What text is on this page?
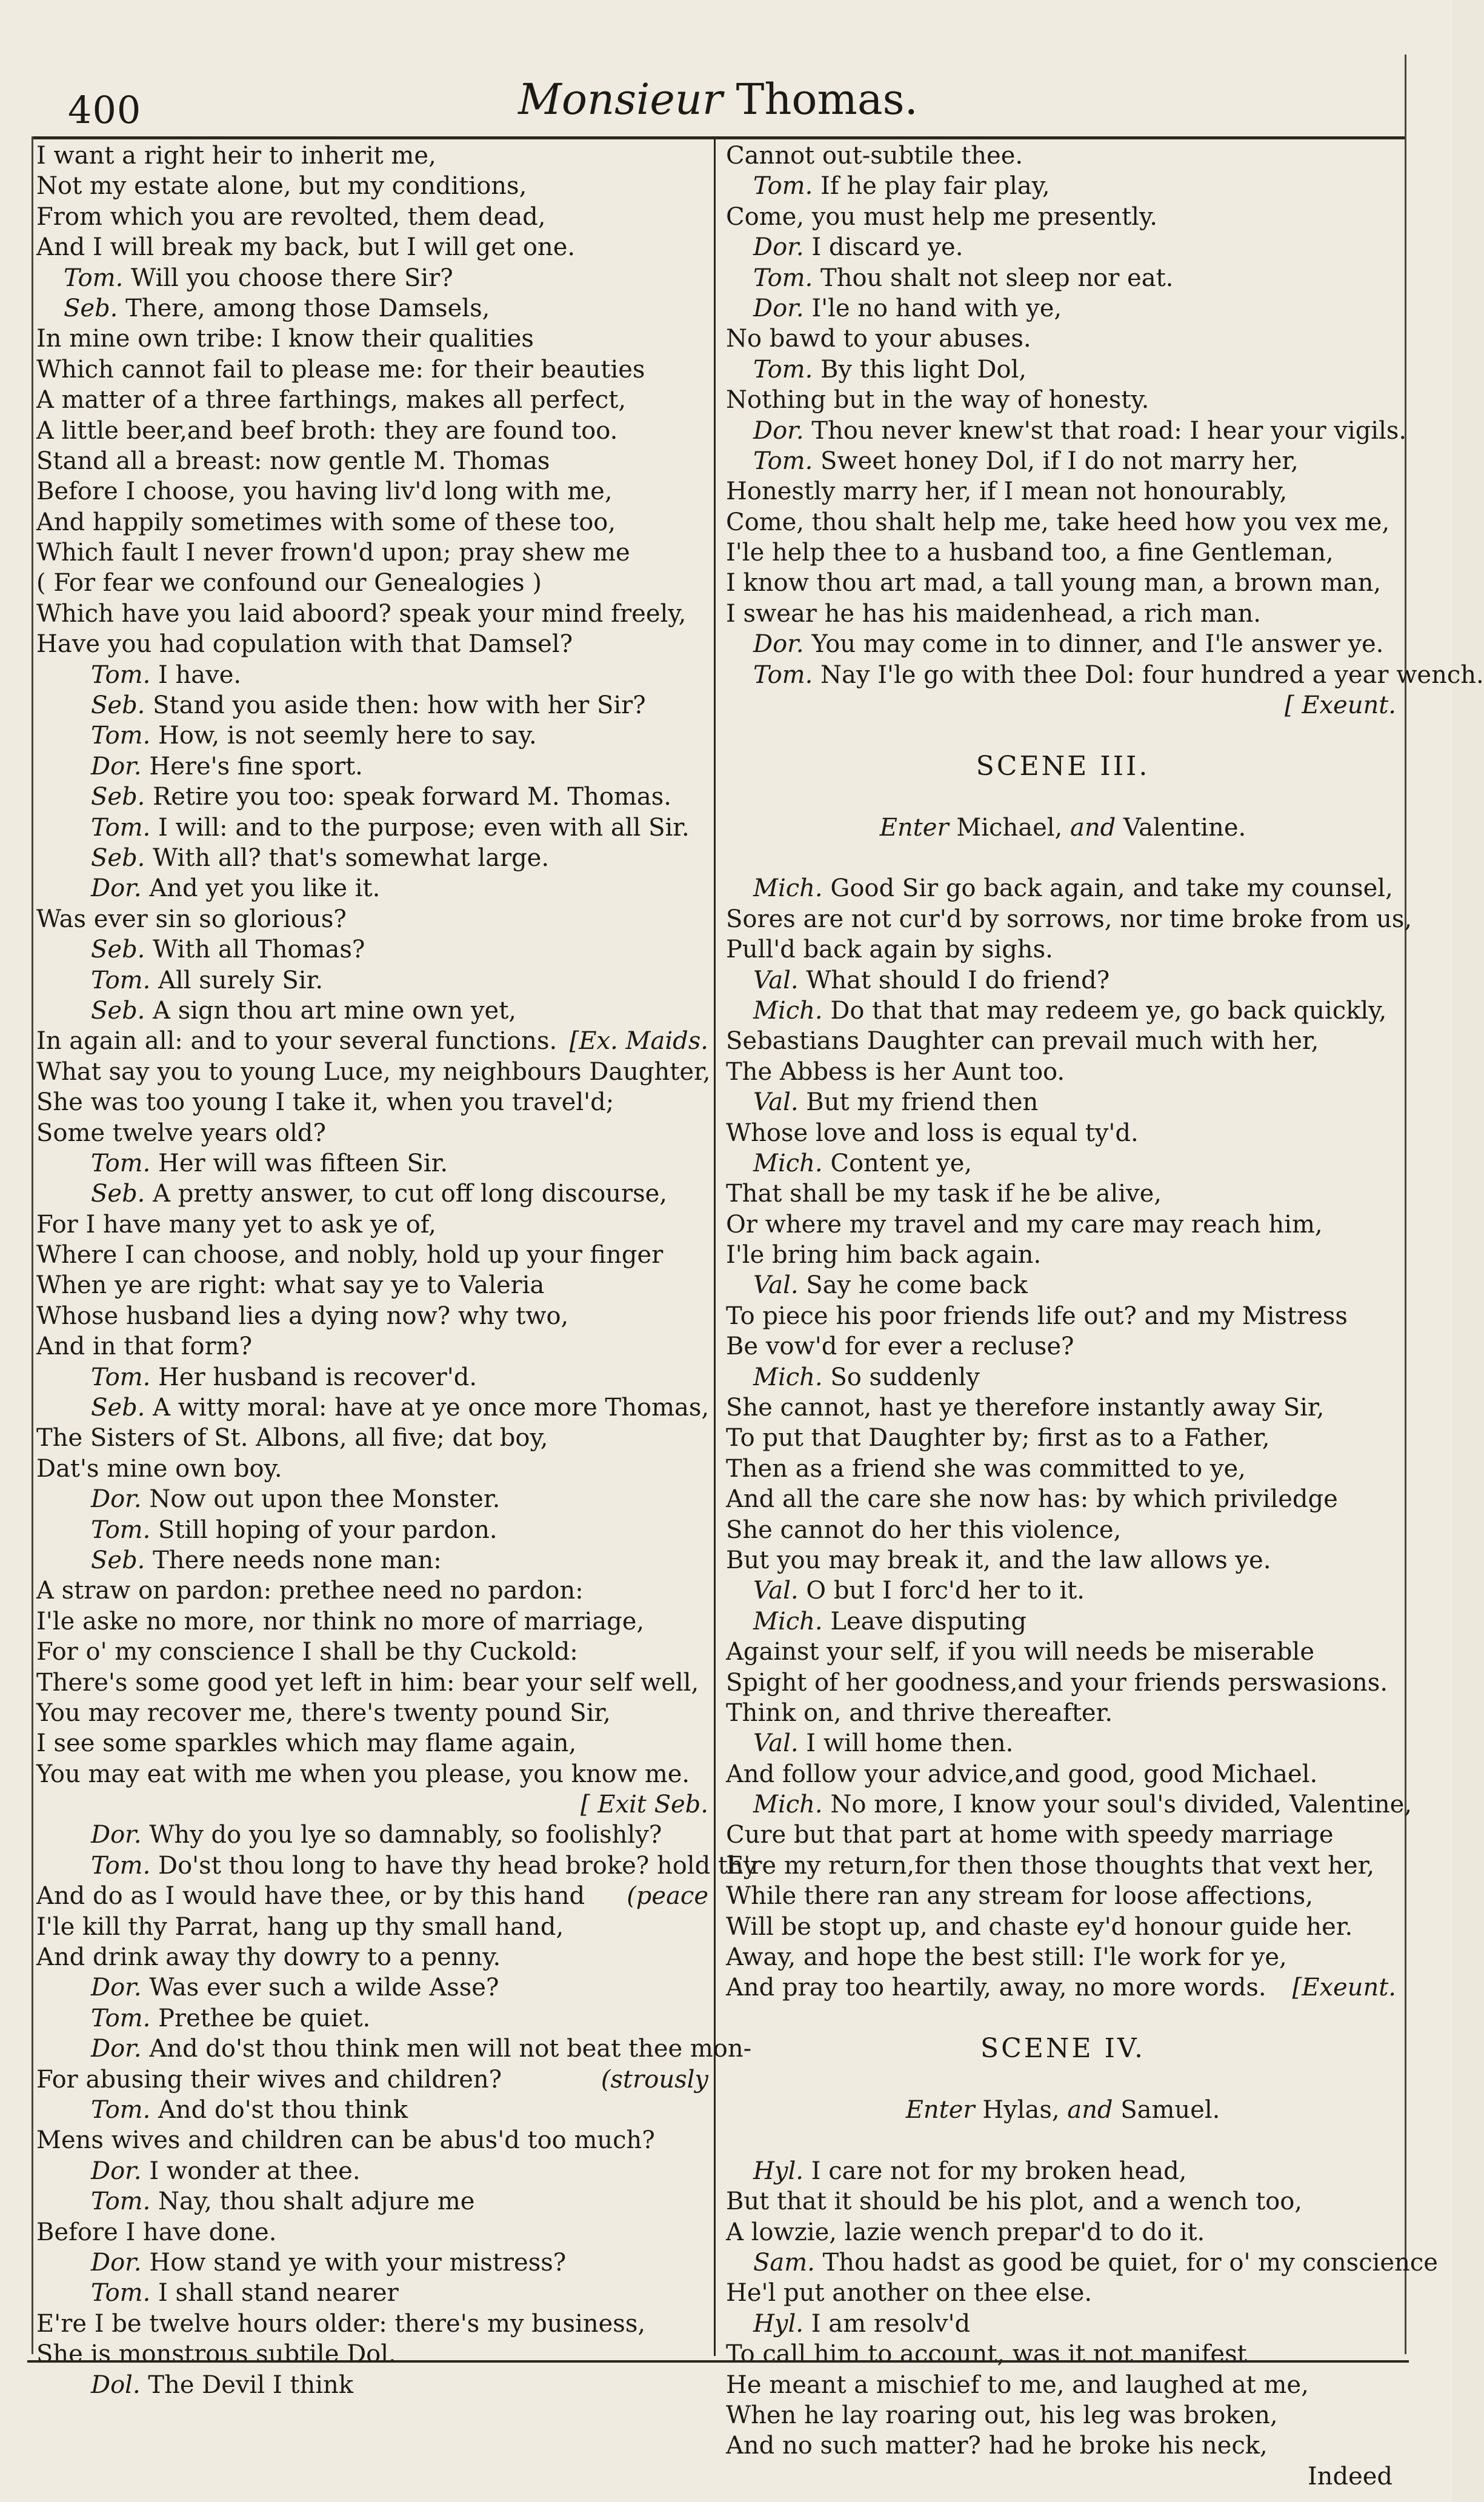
400	Monsieur Thomas.
I want a right heir to inherit me,
Not my estate alone, but my conditions,
From which you are revolted, them dead,
And I will break my back, but I will get one.
Tom. Will you choose there Sir?
Seb. There, among those Damsels,
In mine own tribe: I know their qualities
Which cannot fail to please me: for their beauties
A matter of a three farthings, makes all perfect,
A little beer,and beef broth: they are found too.
Stand all a breast: now gentle M. Thomas
Before I choose, you having liv'd long with me,
And happily sometimes with some of these too,
Which fault I never frown'd upon; pray shew me
( For fear we confound our Genealogies )
Which have you laid aboord? speak your mind freely,
Have you had copulation with that Damsel?
Tom. I have.
Seb. Stand you aside then: how with her Sir?
Tom. How, is not seemly here to say.
Dor. Here's fine sport.
Seb. Retire you too: speak forward M. Thomas.
Tom. I will: and to the purpose; even with all Sir.
Seb. With all? that's somewhat large.
Dor. And yet you like it.
Was ever sin so glorious?
Seb. With all Thomas?
Tom. All surely Sir.
Seb. A sign thou art mine own yet,
In again all: and to your several functions. [Ex. Maids.
What say you to young Luce, my neighbours Daughter,
She was too young I take it, when you travel'd;
Some twelve years old?
Tom. Her will was fifteen Sir.
Seb. A pretty answer, to cut off long discourse,
For I have many yet to ask ye of,
Where I can choose, and nobly, hold up your finger
When ye are right: what say ye to Valeria
Whose husband lies a dying now? why two,
And in that form?
Tom. Her husband is recover'd.
Seb. A witty moral: have at ye once more Thomas,
The Sisters of St. Albons, all five; dat boy,
Dat's mine own boy.
Dor. Now out upon thee Monster.
Tom. Still hoping of your pardon.
Seb. There needs none man:
A straw on pardon: prethee need no pardon:
I'le aske no more, nor think no more of marriage,
For o' my conscience I shall be thy Cuckold:
There's some good yet left in him: bear your self well,
You may recover me, there's twenty pound Sir,
I see some sparkles which may flame again,
You may eat with me when you please, you know me.
[ Exit Seb.
Dor. Why do you lye so damnably, so foolishly?
Tom. Do'st thou long to have thy head broke? hold thy
And do as I would have thee, or by this hand (peace
I'le kill thy Parrat, hang up thy small hand,
And drink away thy dowry to a penny.
Dor. Was ever such a wilde Asse?
Tom. Prethee be quiet.
Dor. And do'st thou think men will not beat thee mon-
For abusing their wives and children?	(strously
Tom. And do'st thou think
Mens wives and children can be abus'd too much?
Dor. I wonder at thee.
Tom. Nay, thou shalt adjure me
Before I have done.
Dor. How stand ye with your mistress?
Tom. I shall stand nearer
E're I be twelve hours older: there's my business,
She is monstrous subtile Dol.
Dol. The Devil I think
Cannot out-subtile thee.
Tom. If he play fair play,
Come, you must help me presently.
Dor. I discard ye.
Tom. Thou shalt not sleep nor eat.
Dor. I'le no hand with ye,
No bawd to your abuses.
Tom. By this light Dol,
Nothing but in the way of honesty.
Dor. Thou never knew'st that road: I hear your vigils.
Tom. Sweet honey Dol, if I do not marry her,
Honestly marry her, if I mean not honourably,
Come, thou shalt help me, take heed how you vex me,
I'le help thee to a husband too, a fine Gentleman,
I know thou art mad, a tall young man, a brown man,
I swear he has his maidenhead, a rich man.
Dor. You may come in to dinner, and I'le answer ye.
Tom. Nay I'le go with thee Dol: four hundred a year wench.
[ Exeunt.
SCENE III.
Enter Michael, and Valentine.
Mich. Good Sir go back again, and take my counsel,
Sores are not cur'd by sorrows, nor time broke from us,
Pull'd back again by sighs.
Val. What should I do friend?
Mich. Do that that may redeem ye, go back quickly,
Sebastians Daughter can prevail much with her,
The Abbess is her Aunt too.
Val. But my friend then
Whose love and loss is equal ty'd.
Mich. Content ye,
That shall be my task if he be alive,
Or where my travel and my care may reach him,
I'le bring him back again.
Val. Say he come back
To piece his poor friends life out? and my Mistress
Be vow'd for ever a recluse?
Mich. So suddenly
She cannot, hast ye therefore instantly away Sir,
To put that Daughter by; first as to a Father,
Then as a friend she was committed to ye,
And all the care she now has: by which priviledge
She cannot do her this violence,
But you may break it, and the law allows ye.
Val. O but I forc'd her to it.
Mich. Leave disputing
Against your self, if you will needs be miserable
Spight of her goodness,and your friends perswasions.
Think on, and thrive thereafter.
Val. I will home then.
And follow your advice,and good, good Michael.
Mich. No more, I know your soul's divided, Valentine,
Cure but that part at home with speedy marriage
E're my return,for then those thoughts that vext her,
While there ran any stream for loose affections,
Will be stopt up, and chaste ey'd honour guide her.
Away, and hope the best still: I'le work for ye,
And pray too heartily, away, no more words. [Exeunt.
SCENE IV.
Enter Hylas, and Samuel.
Hyl. I care not for my broken head,
But that it should be his plot, and a wench too,
A lowzie, lazie wench prepar'd to do it.
Sam. Thou hadst as good be quiet, for o' my conscience
He'l put another on thee else.
Hyl. I am resolv'd
To call him to account, was it not manifest
He meant a mischief to me, and laughed at me,
When he lay roaring out, his leg was broken,
And no such matter? had he broke his neck,
Indeed
